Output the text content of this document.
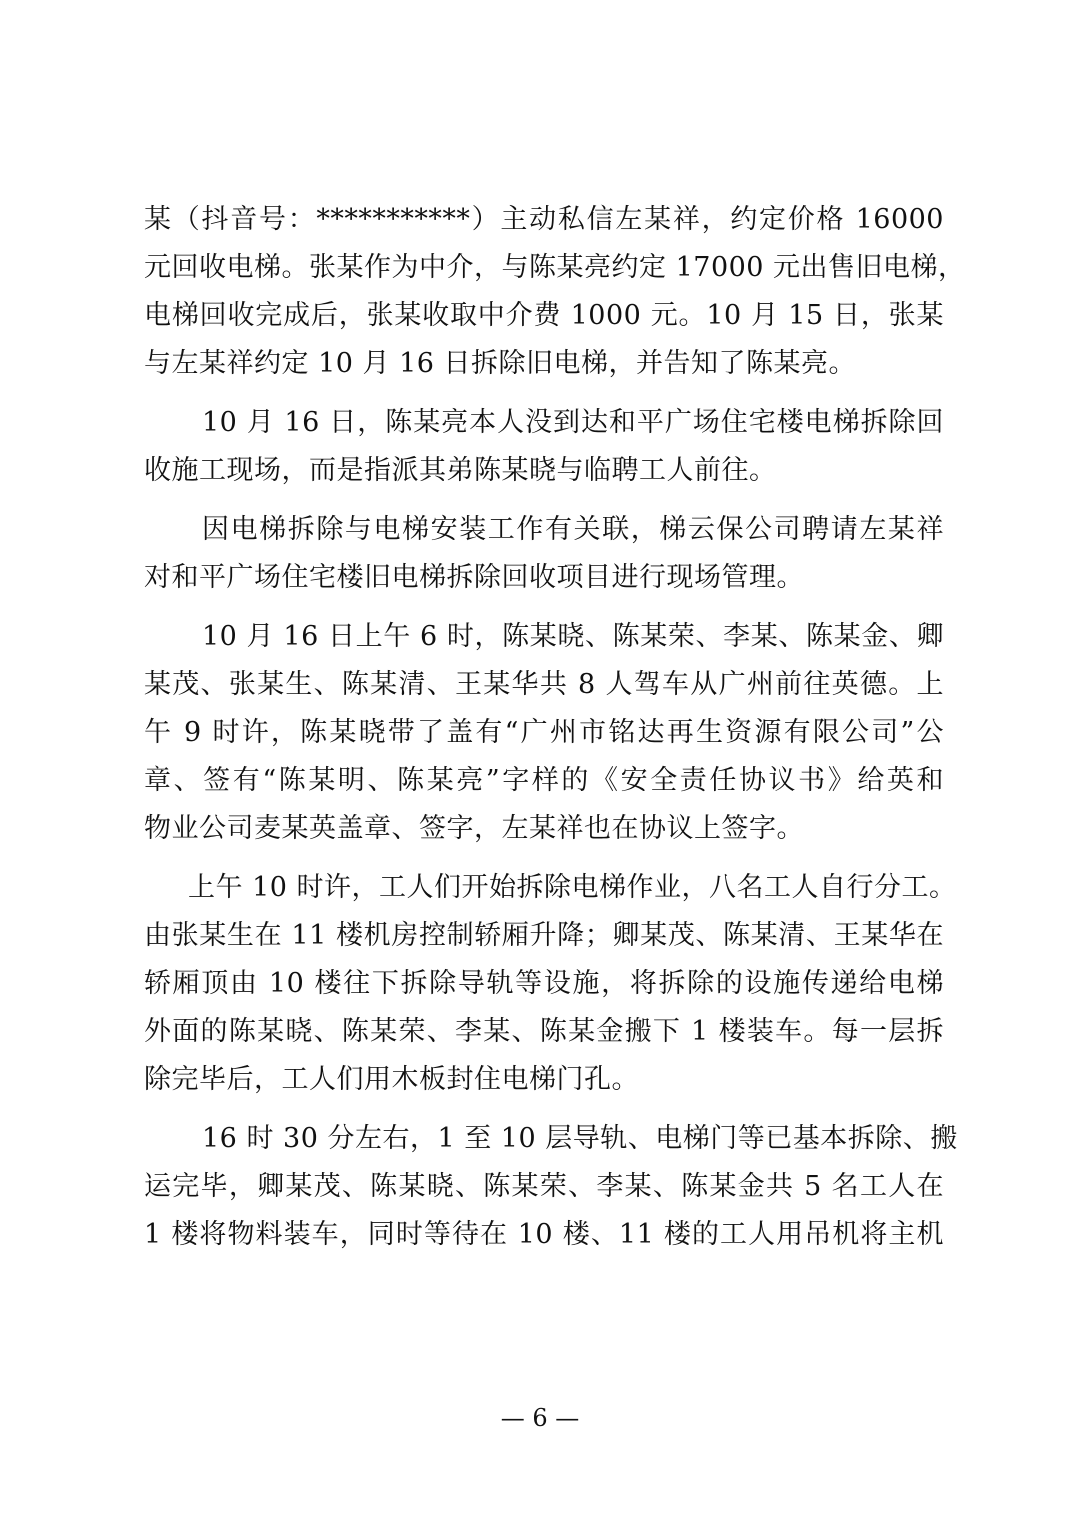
某（抖音号：***********）主动私信左某祥，约定价格 16000
元回收电梯。张某作为中介，与陈某亮约定 17000 元出售旧电梯，
电梯回收完成后，张某收取中介费 1000 元。10 月 15 日，张某
与左某祥约定 10 月 16 日拆除旧电梯，并告知了陈某亮。
10 月 16 日，陈某亮本人没到达和平广场住宅楼电梯拆除回
收施工现场，而是指派其弟陈某晓与临聘工人前往。
因电梯拆除与电梯安装工作有关联，梯云保公司聘请左某祥
对和平广场住宅楼旧电梯拆除回收项目进行现场管理。
10 月 16 日上午 6 时，陈某晓、陈某荣、李某、陈某金、卿
某茂、张某生、陈某清、王某华共 8 人驾车从广州前往英德。上
午 9 时许，陈某晓带了盖有“广州市铭达再生资源有限公司”公
章、签有“陈某明、陈某亮”字样的《安全责任协议书》给英和
物业公司麦某英盖章、签字，左某祥也在协议上签字。
上午 10 时许，工人们开始拆除电梯作业，八名工人自行分工。
由张某生在 11 楼机房控制轿厢升降；卿某茂、陈某清、王某华在
轿厢顶由 10 楼往下拆除导轨等设施，将拆除的设施传递给电梯
外面的陈某晓、陈某荣、李某、陈某金搬下 1 楼装车。每一层拆
除完毕后，工人们用木板封住电梯门孔。
16 时 30 分左右，1 至 10 层导轨、电梯门等已基本拆除、搬
运完毕，卿某茂、陈某晓、陈某荣、李某、陈某金共 5 名工人在
1 楼将物料装车，同时等待在 10 楼、11 楼的工人用吊机将主机
— 6 —
